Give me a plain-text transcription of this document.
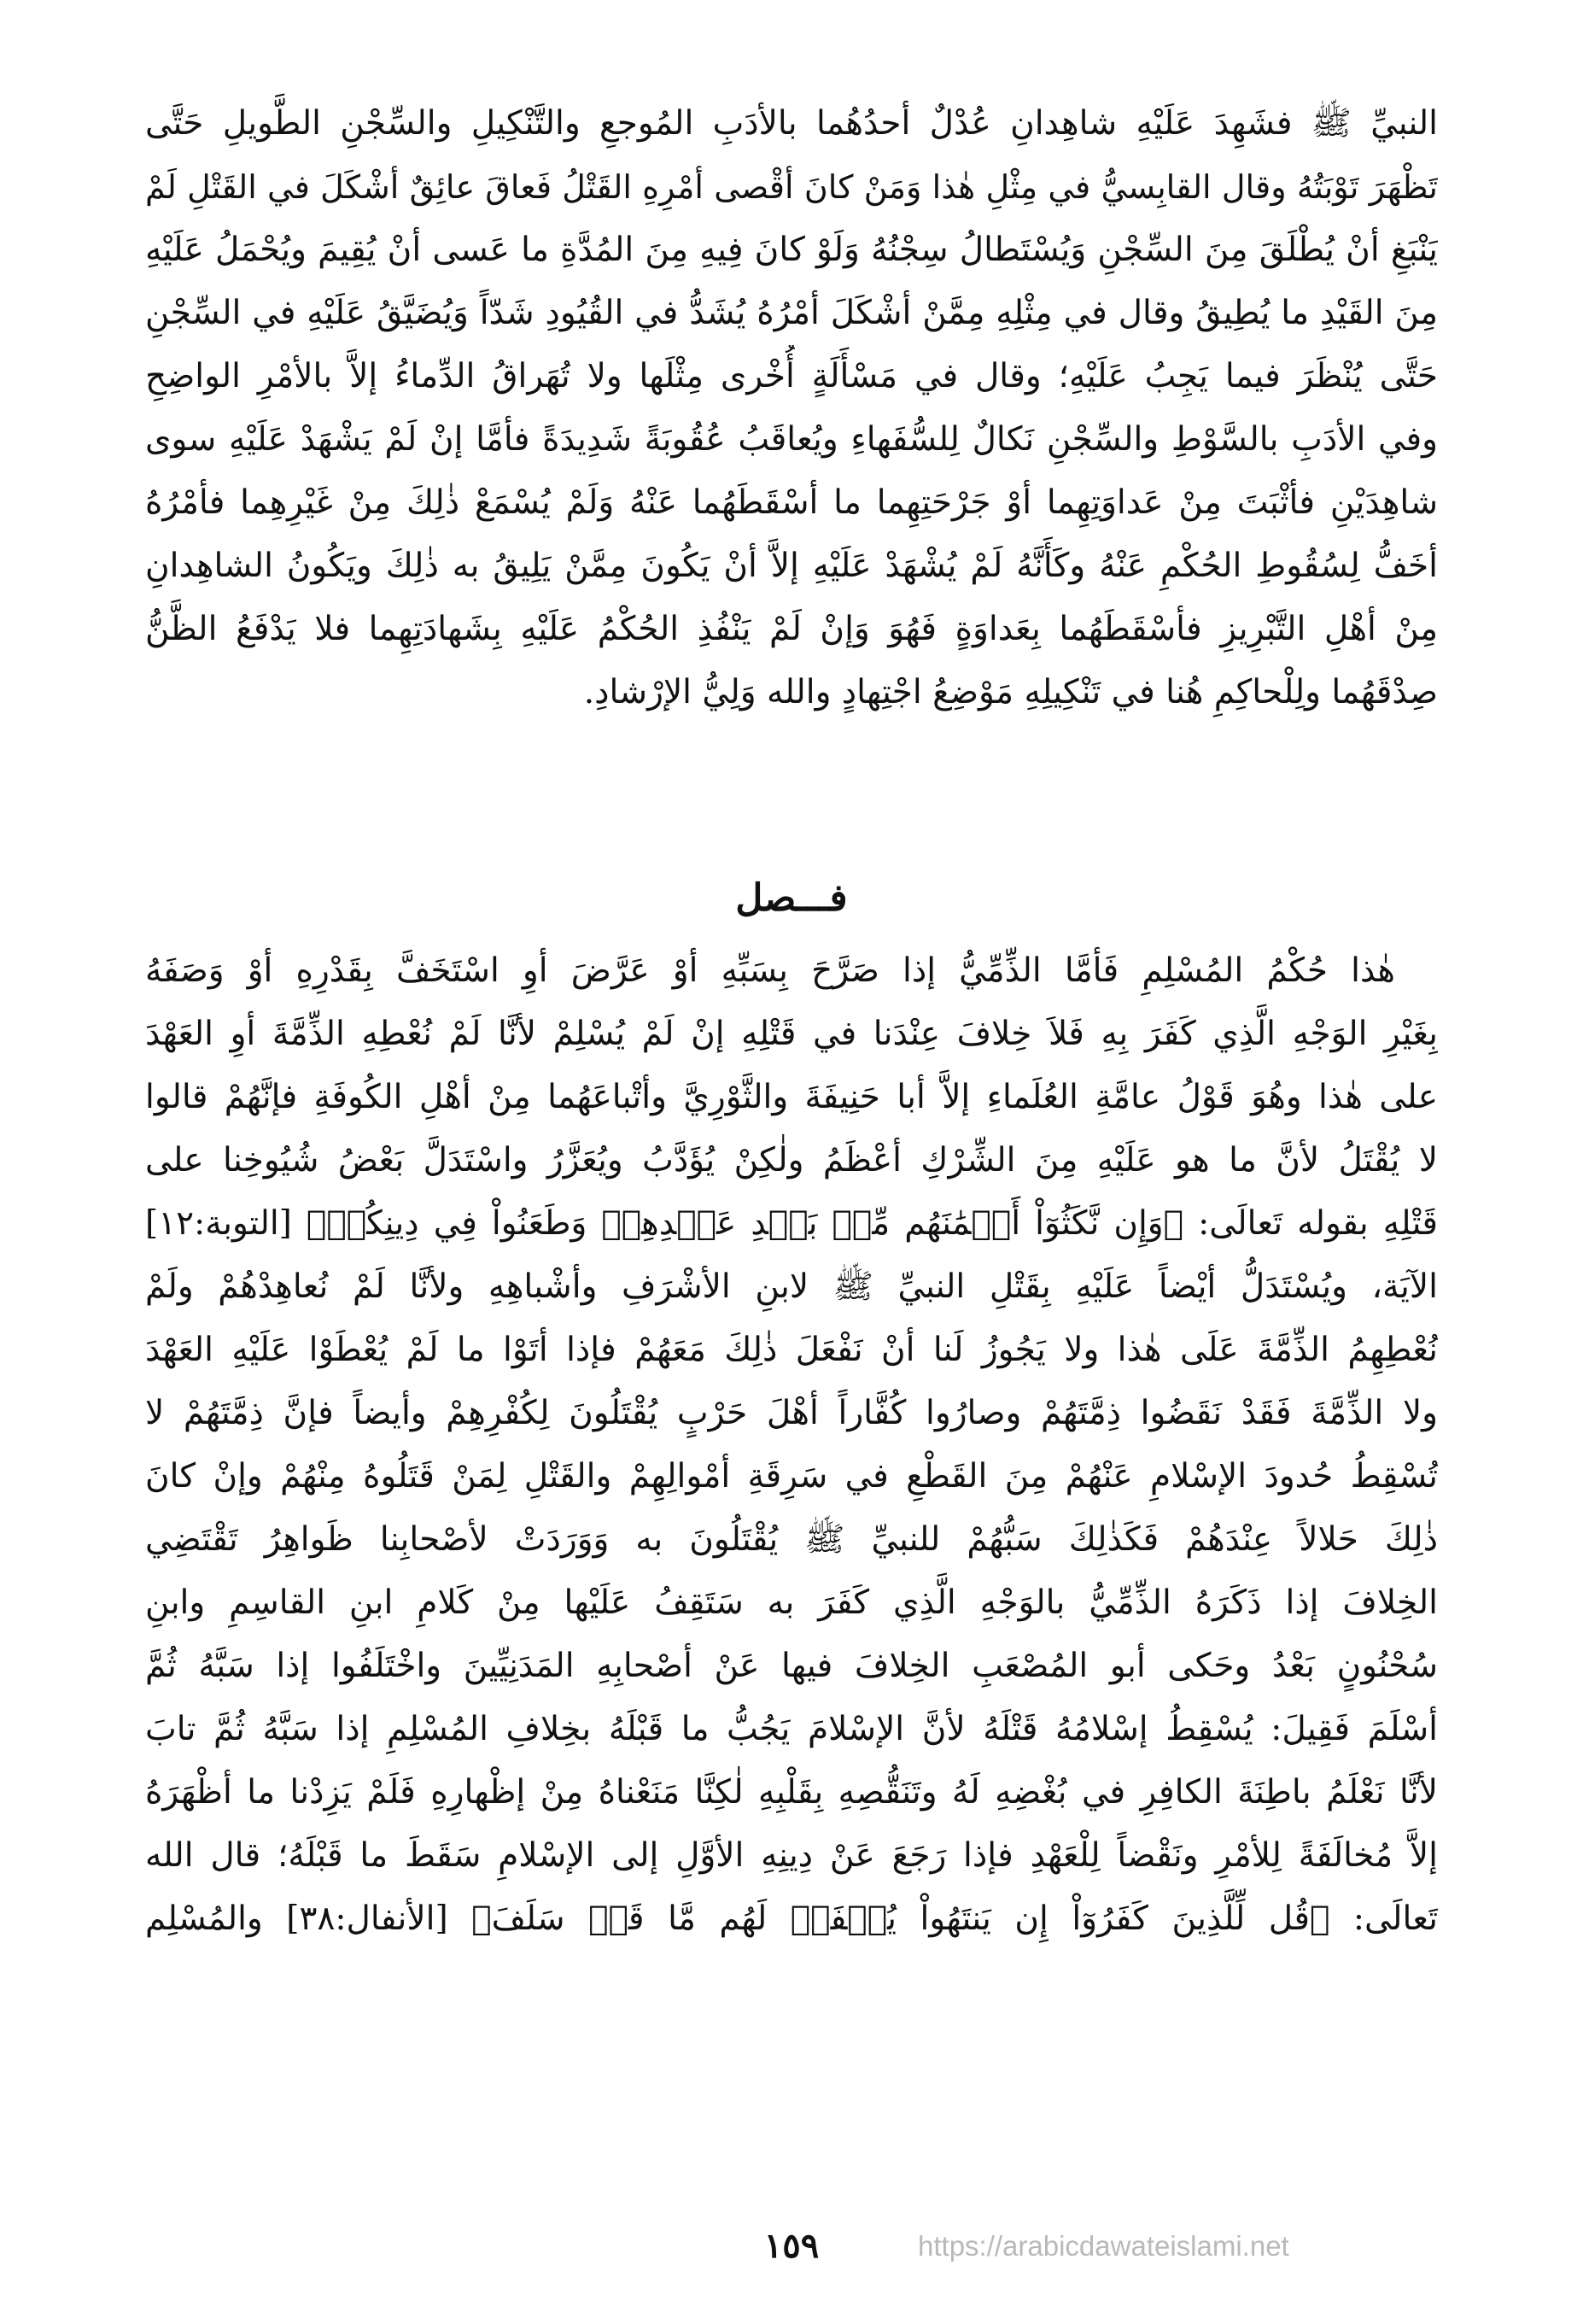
النبيِّ ﷺ فشَهِدَ عَلَيْهِ شاهِدانِ عُدْلٌ أحدُهُما بالأدَبِ المُوجعِ والتَّنْكِيلِ والسِّجْنِ الطَّويلِ حَتَّى
تَظْهَرَ تَوْبَتُهُ وقال القابِسيُّ في مِثْلِ هٰذا وَمَنْ كانَ أقْصى أمْرِهِ القَتْلُ فَعاقَ عائِقٌ أشْكَلَ في القَتْلِ لَمْ
يَنْبَغِ أنْ يُطْلَقَ مِنَ السِّجْنِ وَيُسْتَطالُ سِجْنُهُ وَلَوْ كانَ فِيهِ مِنَ المُدَّةِ ما عَسى أنْ يُقِيمَ ويُحْمَلُ عَلَيْهِ
مِنَ القَيْدِ ما يُطِيقُ وقال في مِثْلِهِ مِمَّنْ أشْكَلَ أمْرُهُ يُشَدُّ في القُيُودِ شَدّاً وَيُضَيَّقُ عَلَيْهِ في السِّجْنِ
حَتَّى يُنْظَرَ فيما يَجِبُ عَلَيْهِ؛ وقال في مَسْأَلَةٍ أُخْرى مِثْلَها ولا تُهَراقُ الدِّماءُ إلاَّ بالأمْرِ الواضِحِ
وفي الأدَبِ بالسَّوْطِ والسِّجْنِ نَكالٌ لِلسُّفَهاءِ ويُعاقَبُ عُقُوبَةً شَدِيدَةً فأمَّا إنْ لَمْ يَشْهَدْ عَلَيْهِ سوى
شاهِدَيْنِ فأثْبَتَ مِنْ عَداوَتِهِما أوْ جَرْحَتِهِما ما أسْقَطَهُما عَنْهُ وَلَمْ يُسْمَعْ ذٰلِكَ مِنْ غَيْرِهِما فأمْرُهُ
أخَفُّ لِسُقُوطِ الحُكْمِ عَنْهُ وكَأَنَّهُ لَمْ يُشْهَدْ عَلَيْهِ إلاَّ أنْ يَكُونَ مِمَّنْ يَلِيقُ به ذٰلِكَ ويَكُونُ الشاهِدانِ
مِنْ أهْلِ التَّبْرِيزِ فأسْقَطَهُما بِعَداوَةٍ فَهُوَ وَإنْ لَمْ يَنْفُذِ الحُكْمُ عَلَيْهِ بِشَهادَتِهِما فلا يَدْفَعُ الظَّنُّ
صِدْقَهُما ولِلْحاكِمِ هُنا في تَنْكِيلِهِ مَوْضِعُ اجْتِهادٍ والله وَلِيُّ الإرْشادِ.
فـــصل
هٰذا حُكْمُ المُسْلِمِ فَأمَّا الذِّمِّيُّ إذا صَرَّحَ بِسَبِّهِ أوْ عَرَّضَ أوِ اسْتَخَفَّ بِقَدْرِهِ أوْ وَصَفَهُ
بِغَيْرِ الوَجْهِ الَّذِي كَفَرَ بِهِ فَلاَ خِلافَ عِنْدَنا في قَتْلِهِ إنْ لَمْ يُسْلِمْ لأنَّا لَمْ نُعْطِهِ الذِّمَّةَ أوِ العَهْدَ
على هٰذا وهُوَ قَوْلُ عامَّةِ العُلَماءِ إلاَّ أبا حَنِيفَةَ والثَّوْرِيَّ وأتْباعَهُما مِنْ أهْلِ الكُوفَةِ فإنَّهُمْ قالوا
لا يُقْتَلُ لأنَّ ما هو عَلَيْهِ مِنَ الشِّرْكِ أعْظَمُ ولٰكِنْ يُؤَدَّبُ ويُعَزَّرُ واسْتَدَلَّ بَعْضُ شُيُوخِنا على
قَتْلِهِ بقوله تَعالَى: ﴿وَإِن نَّكَثُوٓاْ أَيۡمَٰنَهُم مِّنۢ بَعۡدِ عَهۡدِهِمۡ وَطَعَنُواْ فِي دِينِكُمۡ﴾ [التوبة:١٢]
الآيَة، ويُسْتَدَلُّ أيْضاً عَلَيْهِ بِقَتْلِ النبيِّ ﷺ لابنِ الأشْرَفِ وأشْباهِهِ ولأنَّا لَمْ نُعاهِدْهُمْ ولَمْ
نُعْطِهِمُ الذِّمَّةَ عَلَى هٰذا ولا يَجُوزُ لَنا أنْ نَفْعَلَ ذٰلِكَ مَعَهُمْ فإذا أتَوْا ما لَمْ يُعْطَوْا عَلَيْهِ العَهْدَ
ولا الذِّمَّةَ فَقَدْ نَقَضُوا ذِمَّتَهُمْ وصارُوا كُفَّاراً أهْلَ حَرْبٍ يُقْتَلُونَ لِكُفْرِهِمْ وأيضاً فإنَّ ذِمَّتَهُمْ لا
تُسْقِطُ حُدودَ الإسْلامِ عَنْهُمْ مِنَ القَطْعِ في سَرِقَةِ أمْوالِهِمْ والقَتْلِ لِمَنْ قَتَلُوهُ مِنْهُمْ وإنْ كانَ
ذٰلِكَ حَلالاً عِنْدَهُمْ فَكَذٰلِكَ سَبُّهُمْ للنبيِّ ﷺ يُقْتَلُونَ به وَوَرَدَتْ لأصْحابِنا ظَواهِرُ تَقْتَضِي
الخِلافَ إذا ذَكَرَهُ الذِّمِّيُّ بالوَجْهِ الَّذِي كَفَرَ به سَتَقِفُ عَلَيْها مِنْ كَلامِ ابنِ القاسِمِ وابنِ
سُحْنُونٍ بَعْدُ وحَكى أبو المُصْعَبِ الخِلافَ فيها عَنْ أصْحابِهِ المَدَنِيِّينَ واخْتَلَفُوا إذا سَبَّهُ ثُمَّ
أسْلَمَ فَقِيلَ: يُسْقِطُ إسْلامُهُ قَتْلَهُ لأنَّ الإسْلامَ يَجُبُّ ما قَبْلَهُ بخِلافِ المُسْلِمِ إذا سَبَّهُ ثُمَّ تابَ
لأنَّا نَعْلَمُ باطِنَةَ الكافِرِ في بُغْضِهِ لَهُ وتَنَقُّصِهِ بِقَلْبِهِ لٰكِنَّا مَنَعْناهُ مِنْ إظْهارِهِ فَلَمْ يَزِدْنا ما أظْهَرَهُ
إلاَّ مُخالَفَةً لِلأمْرِ ونَقْضاً لِلْعَهْدِ فإذا رَجَعَ عَنْ دِينِهِ الأوَّلِ إلى الإسْلامِ سَقَطَ ما قَبْلَهُ؛ قال الله
تَعالَى: ﴿قُل لِّلَّذِينَ كَفَرُوٓاْ إِن يَنتَهُواْ يُغۡفَرۡ لَهُم مَّا قَدۡ سَلَفَ﴾ [الأنفال:٣٨] والمُسْلِم
١٥٩	https://arabicdawateislami.net
